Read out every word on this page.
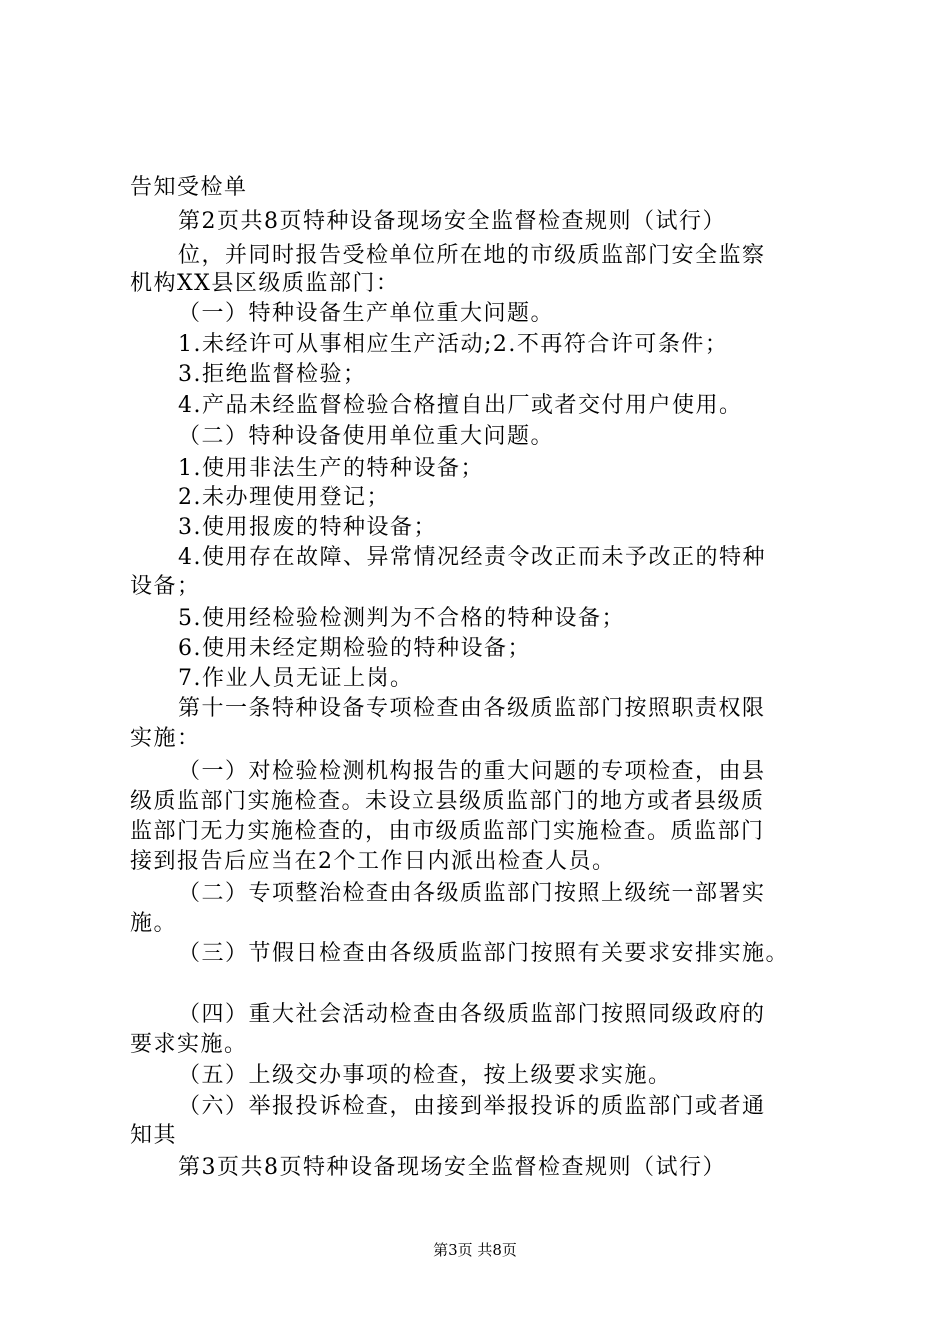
告知受检单
第2页共8页特种设备现场安全监督检查规则（试行）
位，并同时报告受检单位所在地的市级质监部门安全监察
机构XX县区级质监部门：
（一）特种设备生产单位重大问题。
1.未经许可从事相应生产活动;2.不再符合许可条件；
3.拒绝监督检验；
4.产品未经监督检验合格擅自出厂或者交付用户使用。
（二）特种设备使用单位重大问题。
1.使用非法生产的特种设备；
2.未办理使用登记；
3.使用报废的特种设备；
4.使用存在故障、异常情况经责令改正而未予改正的特种
设备；
5.使用经检验检测判为不合格的特种设备；
6.使用未经定期检验的特种设备；
7.作业人员无证上岗。
第十一条特种设备专项检查由各级质监部门按照职责权限
实施：
（一）对检验检测机构报告的重大问题的专项检查，由县
级质监部门实施检查。未设立县级质监部门的地方或者县级质
监部门无力实施检查的，由市级质监部门实施检查。质监部门
接到报告后应当在2个工作日内派出检查人员。
（二）专项整治检查由各级质监部门按照上级统一部署实
施。
（三）节假日检查由各级质监部门按照有关要求安排实施。
（四）重大社会活动检查由各级质监部门按照同级政府的
要求实施。
（五）上级交办事项的检查，按上级要求实施。
（六）举报投诉检查，由接到举报投诉的质监部门或者通
知其
第3页共8页特种设备现场安全监督检查规则（试行）
第3页 共8页
